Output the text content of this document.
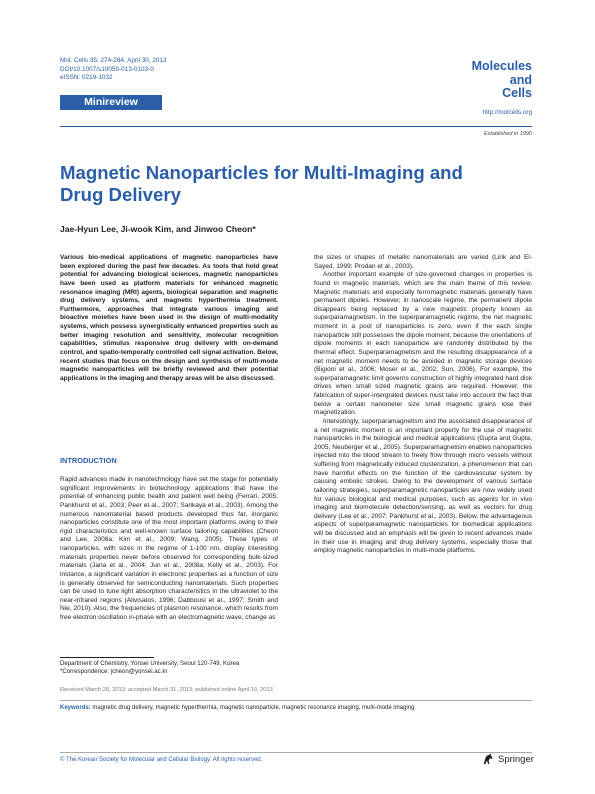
Mol. Cells 35, 274-284, April 30, 2013
DOI/10.1007/s10059-013-0103-0
eISSN: 0219-1032
Minireview
Molecules
and
Cells
http://molcells.org
Established in 1990
Magnetic Nanoparticles for Multi-Imaging and Drug Delivery
Jae-Hyun Lee, Ji-wook Kim, and Jinwoo Cheon*

Various bio-medical applications of magnetic nanoparticles have been explored during the past few decades. As tools that hold great potential for advancing biological sciences, magnetic nanoparticles have been used as platform materials for enhanced magnetic resonance imaging (MRI) agents, biological separation and magnetic drug delivery systems, and magnetic hyperthermia treatment. Furthermore, approaches that integrate various imaging and bioactive moieties have been used in the design of multi-modality systems, which possess synergistically enhanced properties such as better imaging resolution and sensitivity, molecular recognition capabilities, stimulus responsive drug delivery with on-demand control, and spatio-temporally controlled cell signal activation. Below, recent studies that focus on the design and synthesis of multi-mode magnetic nanoparticles will be briefly reviewed and their potential applications in the imaging and therapy areas will be also discussed.

INTRODUCTION

Rapid advances made in nanotechnology have set the stage for potentially significant improvements in biotechnology applications that have the potential of enhancing public health and patient well being (Ferrari, 2005; Pankhurst et al., 2003; Peer et al., 2007; Sarikaya et al., 2003). Among the numerous nanomaterial based products developed thus far, inorganic nanoparticles constitute one of the most important platforms owing to their rigid characteristics and well-known surface tailoring capabilities (Cheon and Lee, 2008a; Kim et al., 2009; Wang, 2005). These types of nanoparticles, with sizes in the regime of 1-100 nm, display interesting materials properties never before observed for corresponding bulk-sized materials (Jana et al., 2004; Jun et al., 2008a; Kelly et al., 2003). For instance, a significant variation in electronic properties as a function of size is generally observed for semiconducting nanomaterials. Such properties can be used to tune light absorption characteristics in the ultraviolet to the near-infrared regions (Alivisatos, 1996; Dabbousi et al., 1997; Smith and Nie, 2010). Also, the frequencies of plasmon resonance, which results from free electron oscillation in-phase with an electromagnetic wave, change as

the sizes or shapes of metallic nanomaterials are varied (Link and El-Sayed, 1999; Prodan et al., 2003).

Another important example of size-governed changes in properties is found in magnetic materials, which are the main theme of this review. Magnetic materials and especially ferromagnetic materials generally have permanent dipoles. However, in nanoscale regime, the permanent dipole disappears being replaced by a new magnetic property known as superparamagnetism. In the superparamagnetic regime, the net magnetic moment in a pool of nanoparticles is zero, even if the each single nanoparticle still possesses the dipole moment, because the orientations of dipole moments in each nanoparticle are randomly distributed by the thermal effect. Superparamagnetism and the resulting disappearance of a net magnetic moment needs to be avoided in magnetic storage devices (Bigioni et al., 2006; Moser et al., 2002; Sun, 2006). For example, the superparamagnetic limit governs construction of highly integrated hard disk drives when small sized magnetic grains are required. However, the fabrication of super-intergrated devices must take into account the fact that below a certain nanometer size small magnetic grains lose their magnetization.

Interestingly, superparamagnetism and the associated disappearance of a net magnetic moment is an important property for the use of magnetic nanoparticles in the biological and medical applications (Gupta and Gupta, 2005; Neuberger et al., 2005). Superparamagnetism enables nanoparticles injected into the blood stream to freely flow through micro vessels without suffering from magnetically induced clusterization, a phenomenon that can have harmful effects on the function of the cardiovascular system by causing embolic strokes. Owing to the development of various surface tailoring strategies, superparamagnetic nanoparticles are now widely used for various biological and medical purposes, such as agents for in vivo imaging and biomolecule detection/sensing, as well as vectors for drug delivery (Lee et al., 2007; Pankhurst et al., 2003). Below, the advantageous aspects of superparamagnetic nanoparticles for biomedical applications will be discussed and an emphasis will be given to recent advances made in their use in imaging and drug delivery systems, especially those that employ magnetic nanoparticles in multi-mode platforms.

Department of Chemistry, Yonsei University, Seoul 120-749, Korea
*Correspondence: jcheon@yonsei.ac.kr
Received March 28, 2013; accepted March 31, 2013; published online April 10, 2013
Keywords: magnetic drug delivery, magnetic hyperthermia, magnetic nanoparticle, magnetic resonance imaging, multi-mode imaging
© The Korean Society for Molecular and Cellular Biology. All rights reserved.	Springer
